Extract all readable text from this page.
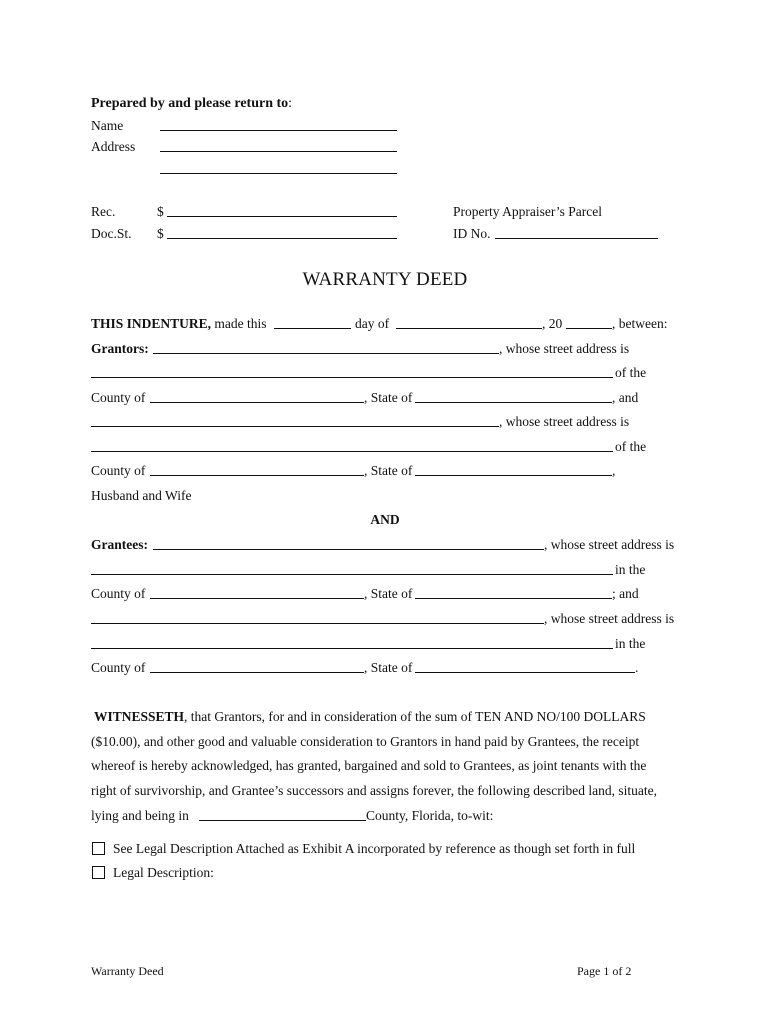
Prepared by and please return to:
Name
Address
Rec.	$
Doc.St. $
Property Appraiser’s Parcel
ID No.
WARRANTY DEED
THIS INDENTURE, made this	day of	, 20	, between:
Grantors:	, whose street address is
of the
County of	, State of	, and
, whose street address is
of the
County of	, State of	,
Husband and Wife
AND
Grantees:	, whose street address is
in the
County of	, State of	; and
, whose street address is
in the
County of	, State of	.
WITNESSETH, that Grantors, for and in consideration of the sum of TEN AND NO/100 DOLLARS
($10.00), and other good and valuable consideration to Grantors in hand paid by Grantees, the receipt
whereof is hereby acknowledged, has granted, bargained and sold to Grantees, as joint tenants with the
right of survivorship, and Grantee’s successors and assigns forever, the following described land, situate,
lying and being in	County, Florida, to-wit:
See Legal Description Attached as Exhibit A incorporated by reference as though set forth in full
Legal Description:
Warranty Deed	Page 1 of 2
